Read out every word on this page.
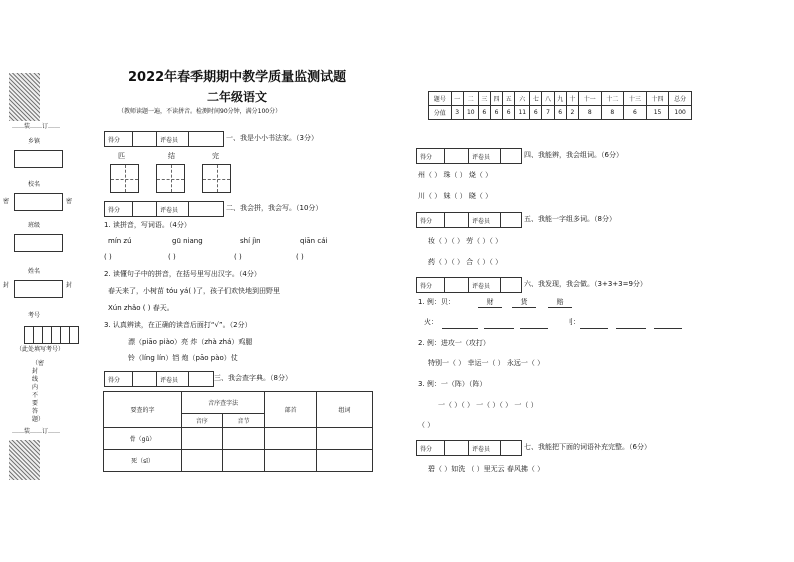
……装……订……
乡镇
校名
密	密
班级
姓名
封	封
考号
（此处填写考号）
（密封线内不要答题）
……装……订……
2022年春季期期中教学质量监测试题
二年级语文
（教师读题一遍，不读拼音。检测时间90分钟，满分100分）
得分	评卷员	一、我是小小书法家。（3分）
匹	结	完
得分	评卷员	二、我会拼，我会写。（10分）
1. 读拼音，写词语。（4分）
mín zú	gū niang	shí jìn	qiān cái
( )	( )	( )	( )
2. 读懂句子中的拼音，在括号里写出汉字。（4分）
春天来了，小树苗 tóu yá( )了，孩子们欢快地到田野里
Xún zhǎo ( ) 春天。
3. 认真辨读，在正确的读音后面打“√”。（2分）
漂（piāo piào）亮 炸（zhà zhá）鸡腿
铃（líng lín）铛 炮（pāo pào）仗
得分	评卷员	三、我会查字典。（8分）
要查的字	音序查字法		部首	组词
	音序	音节		
骨（gǔ）				
死（sǐ）				
题号	一	二	三	四	五	六	七	八	九	十	十一	十二	十三	十四	总分
分值	3	10	6	6	6	11	6	7	6	2	8	8	6	15	100
得分	评卷员	四、我能辨，我会组词。（6分）
州（ ） 珠（ ） 烧（ ）
川（ ） 妹（ ） 晓（ ）
得分	评卷员	五、我能一字组多词。（8分）
妆（ ）（ ） 劳（ ）（ ）
药（ ）（ ） 合（ ）（ ）
得分	评卷员	六、我发现，我会做。（3+3+3=9分）
1. 例：贝：	财	货	赔
火：	刂：
2. 例：进攻一（攻打）
特别一（ ） 幸运一（ ） 永远一（ ）
3. 例：一（阵）（阵）
一（ ）（ ） 一（ ）（ ） 一（ ）
（ ）
得分	评卷员	七、我能把下面的词语补充完整。（6分）
碧（ ）如洗 （ ）里无云 春风拂（ ）
